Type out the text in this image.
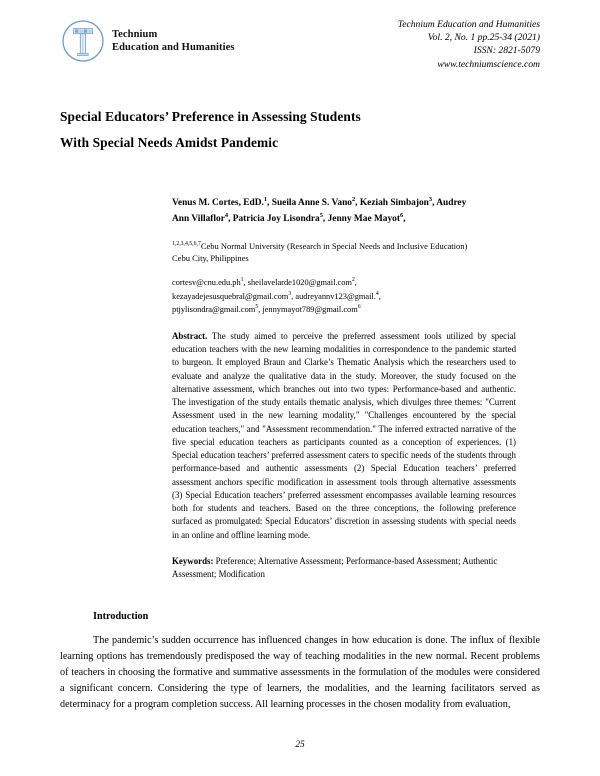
Technium
Education and Humanities
Technium Education and Humanities
Vol. 2, No. 1 pp.25-34 (2021)
ISSN: 2821-5079
www.techniumscience.com
Special Educators’ Preference in Assessing Students
With Special Needs Amidst Pandemic
Venus M. Cortes, EdD.$^1$, Sueila Anne S. Vano$^2$, Keziah Simbajon$^3$, Audrey
Ann Villaflor$^4$, Patricia Joy Lisondra$^5$, Jenny Mae Mayot$^6$,
$^{1,2,3,4,5,6,7}$Cebu Normal University (Research in Special Needs and Inclusive Education) Cebu City, Philippines
$cortesv@cnu.edu.ph^1$, sheilavelarde1020@gmail.com$^2$,
kezayadejesusquebral@gmail.com$^3$, audreyannv123@gmail.$^4$,
ptjylisondra@gmail.com$^5$, jennymayot789@gmail.com$^6$
Abstract. The study aimed to perceive the preferred assessment tools utilized by special education teachers with the new learning modalities in correspondence to the pandemic started to burgeon. It employed Braun and Clarke’s Thematic Analysis which the researchers used to evaluate and analyze the qualitative data in the study. Moreover, the study focused on the alternative assessment, which branches out into two types: Performance-based and authentic. The investigation of the study entails thematic analysis, which divulges three themes: "Current Assessment used in the new learning modality," "Challenges encountered by the special education teachers," and "Assessment recommendation." The inferred extracted narrative of the five special education teachers as participants counted as a conception of experiences. (1) Special education teachers’ preferred assessment caters to specific needs of the students through performance-based and authentic assessments (2) Special Education teachers’ preferred assessment anchors specific modification in assessment tools through alternative assessments (3) Special Education teachers’ preferred assessment encompasses available learning resources both for students and teachers. Based on the three conceptions, the following preference surfaced as promulgated: Special Educators’ discretion in assessing students with special needs in an online and offline learning mode.
Keywords: Preference; Alternative Assessment; Performance-based Assessment; Authentic Assessment; Modification
Introduction
The pandemic’s sudden occurrence has influenced changes in how education is done. The influx of flexible learning options has tremendously predisposed the way of teaching modalities in the new normal. Recent problems of teachers in choosing the formative and summative assessments in the formulation of the modules were considered a significant concern. Considering the type of learners, the modalities, and the learning facilitators served as determinacy for a program completion success. All learning processes in the chosen modality from evaluation,
25
